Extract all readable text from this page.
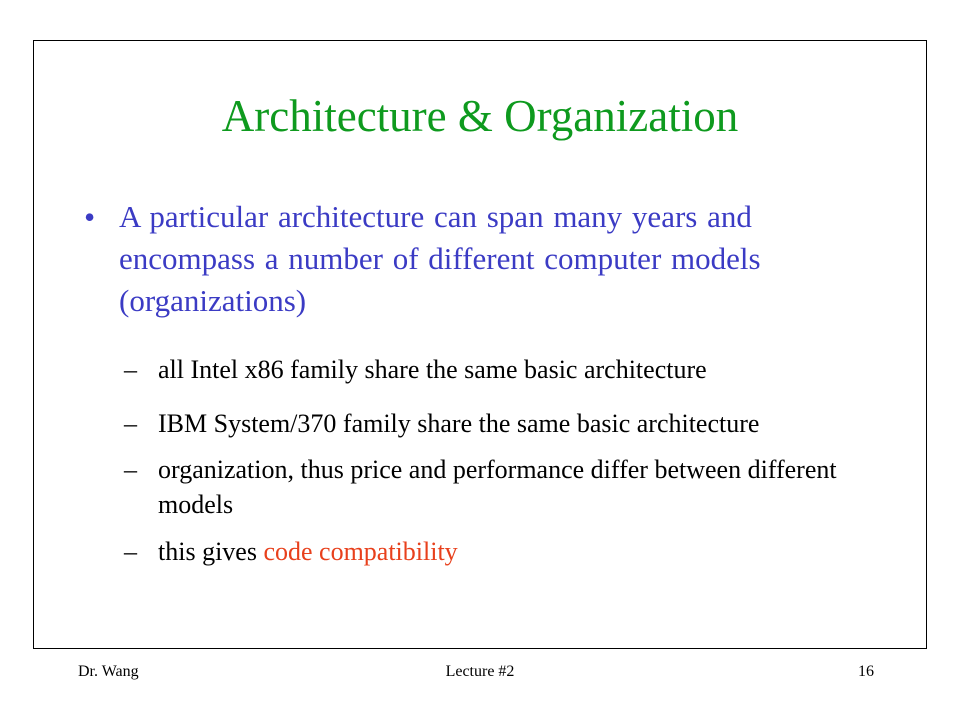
Architecture & Organization
• A particular architecture can span many years and encompass a number of different computer models (organizations)
– all Intel x86 family share the same basic architecture
– IBM System/370 family share the same basic architecture
– organization, thus price and performance differ between different models
– this gives code compatibility
Dr. Wang	Lecture #2	16
